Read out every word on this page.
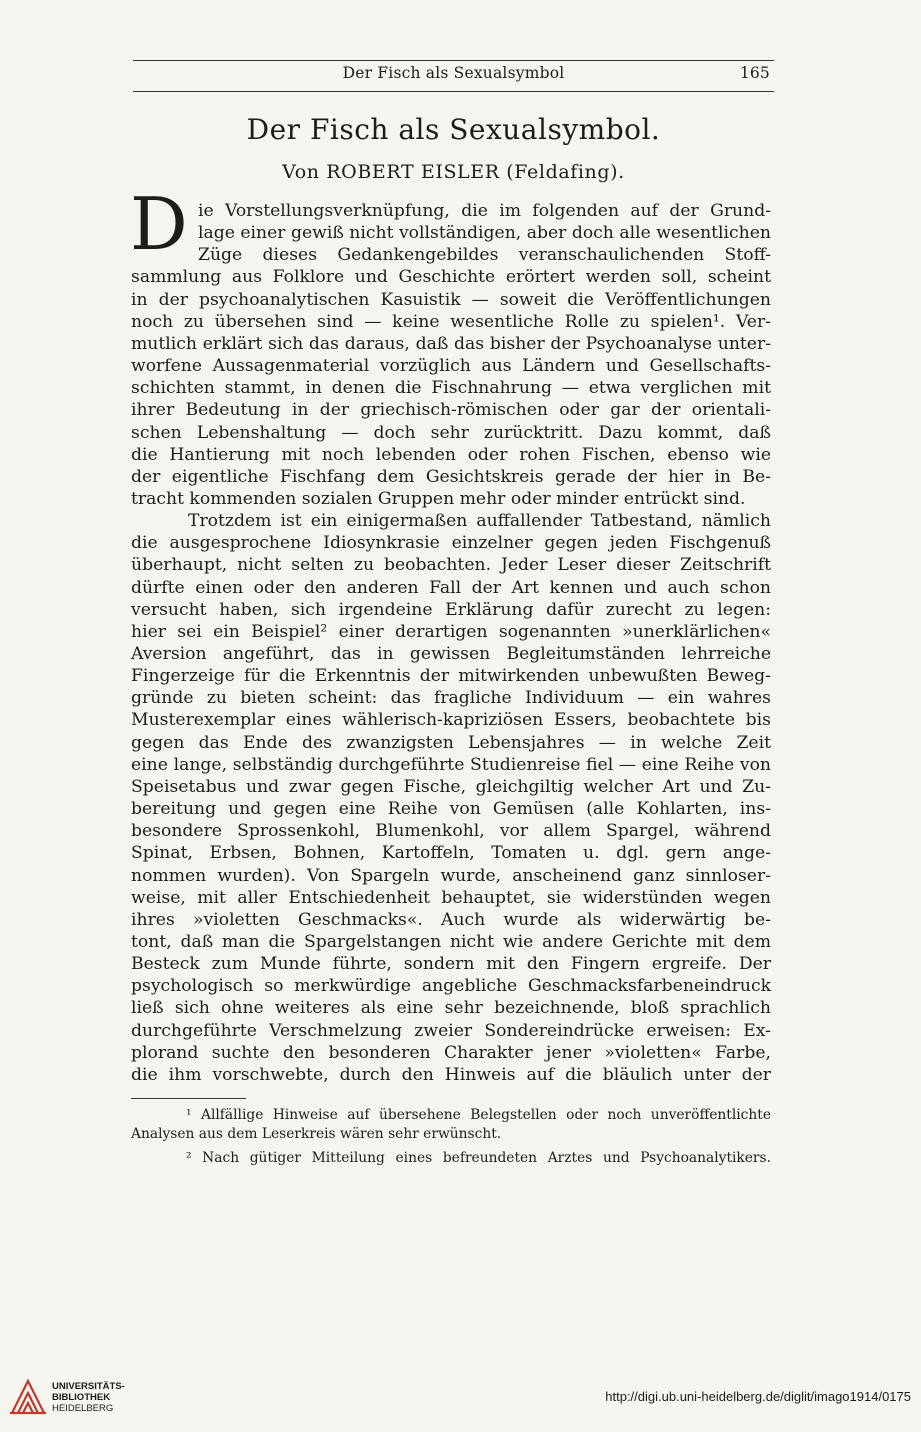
Der Fisch als Sexualsymbol	165
Der Fisch als Sexualsymbol.
Von ROBERT EISLER (Feldafing).
D ie Vorstellungsverknüpfung, die im folgenden auf der Grund-
lage einer gewiß nicht vollständigen, aber doch alle wesentlichen
Züge dieses Gedankengebildes veranschaulichenden Stoff-
sammlung aus Folklore und Geschichte erörtert werden soll, scheint
in der psychoanalytischen Kasuistik — soweit die Veröffentlichungen
noch zu übersehen sind — keine wesentliche Rolle zu spielen¹. Ver-
mutlich erklärt sich das daraus, daß das bisher der Psychoanalyse unter-
worfene Aussagenmaterial vorzüglich aus Ländern und Gesellschafts-
schichten stammt, in denen die Fischnahrung — etwa verglichen mit
ihrer Bedeutung in der griechisch-römischen oder gar der orientali-
schen Lebenshaltung — doch sehr zurücktritt. Dazu kommt, daß
die Hantierung mit noch lebenden oder rohen Fischen, ebenso wie
der eigentliche Fischfang dem Gesichtskreis gerade der hier in Be-
tracht kommenden sozialen Gruppen mehr oder minder entrückt sind.
Trotzdem ist ein einigermaßen auffallender Tatbestand, nämlich
die ausgesprochene Idiosynkrasie einzelner gegen jeden Fischgenuß
überhaupt, nicht selten zu beobachten. Jeder Leser dieser Zeitschrift
dürfte einen oder den anderen Fall der Art kennen und auch schon
versucht haben, sich irgendeine Erklärung dafür zurecht zu legen:
hier sei ein Beispiel² einer derartigen sogenannten »unerklärlichen«
Aversion angeführt, das in gewissen Begleitumständen lehrreiche
Fingerzeige für die Erkenntnis der mitwirkenden unbewußten Beweg-
gründe zu bieten scheint: das fragliche Individuum — ein wahres
Musterexemplar eines wählerisch-kapriziösen Essers, beobachtete bis
gegen das Ende des zwanzigsten Lebensjahres — in welche Zeit
eine lange, selbständig durchgeführte Studienreise fiel — eine Reihe von
Speisetabus und zwar gegen Fische, gleichgiltig welcher Art und Zu-
bereitung und gegen eine Reihe von Gemüsen (alle Kohlarten, ins-
besondere Sprossenkohl, Blumenkohl, vor allem Spargel, während
Spinat, Erbsen, Bohnen, Kartoffeln, Tomaten u. dgl. gern ange-
nommen wurden). Von Spargeln wurde, anscheinend ganz sinnloser-
weise, mit aller Entschiedenheit behauptet, sie widerstünden wegen
ihres »violetten Geschmacks«. Auch wurde als widerwärtig be-
tont, daß man die Spargelstangen nicht wie andere Gerichte mit dem
Besteck zum Munde führte, sondern mit den Fingern ergreife. Der
psychologisch so merkwürdige angebliche Geschmacksfarbeneindruck
ließ sich ohne weiteres als eine sehr bezeichnende, bloß sprachlich
durchgeführte Verschmelzung zweier Sondereindrücke erweisen: Ex-
plorand suchte den besonderen Charakter jener »violetten« Farbe,
die ihm vorschwebte, durch den Hinweis auf die bläulich unter der
¹ Allfällige Hinweise auf übersehene Belegstellen oder noch unveröffentlichte
Analysen aus dem Leserkreis wären sehr erwünscht.
² Nach gütiger Mitteilung eines befreundeten Arztes und Psychoanalytikers.
UNIVERSITÄTS-
BIBLIOTHEK
HEIDELBERG
http://digi.ub.uni-heidelberg.de/diglit/imago1914/0175
